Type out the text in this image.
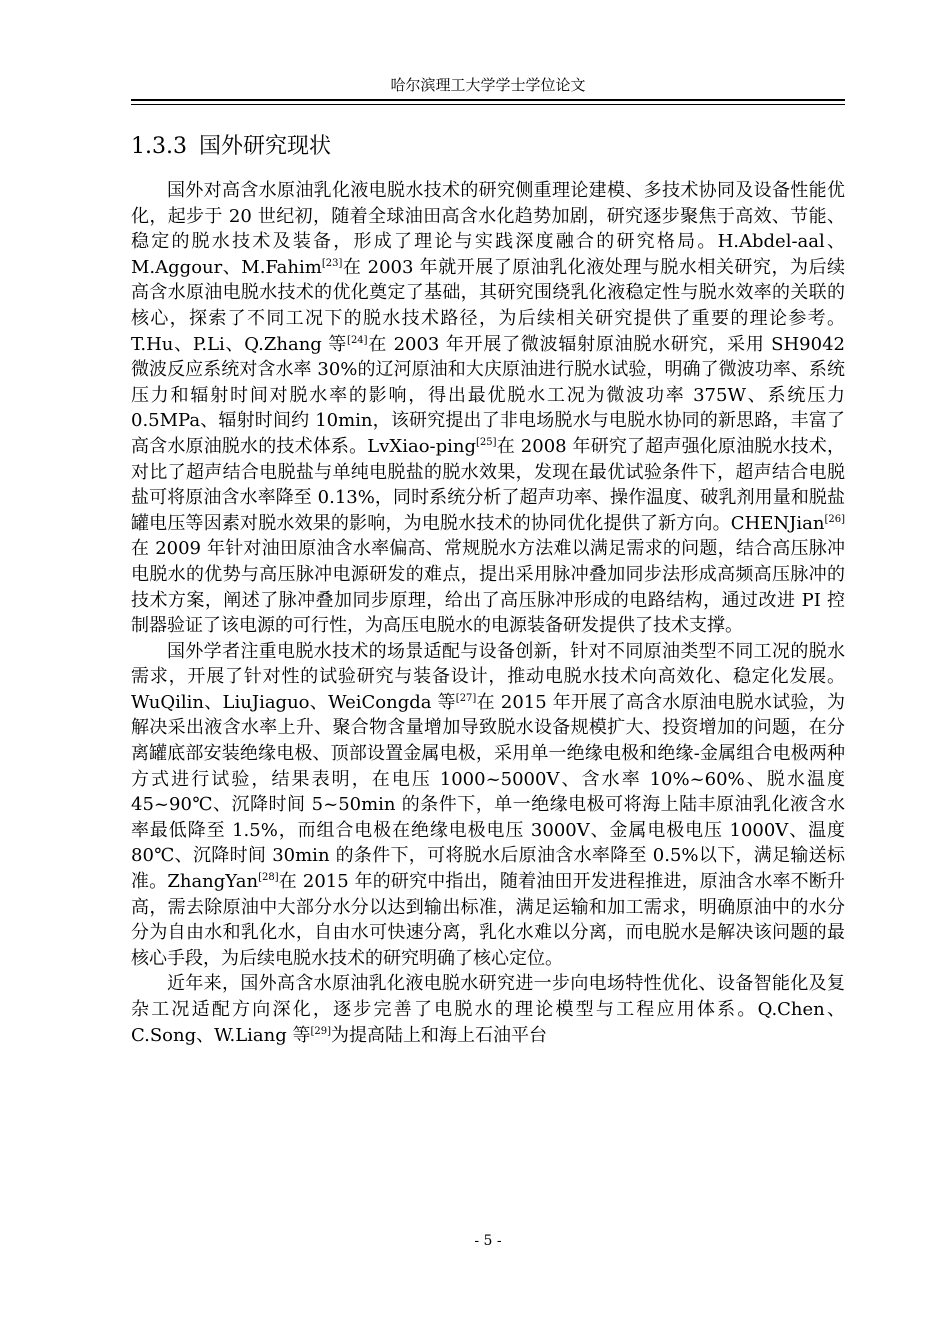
哈尔滨理工大学学士学位论文
1.3.3 国外研究现状

国外对高含水原油乳化液电脱水技术的研究侧重理论建模、多技术协同及设备性能优化，起步于 20 世纪初，随着全球油田高含水化趋势加剧，研究逐步聚焦于高效、节能、稳定的脱水技术及装备，形成了理论与实践深度融合的研究格局。H.Abdel-aal、M.Aggour、M.Fahim[23]在 2003 年就开展了原油乳化液处理与脱水相关研究，为后续高含水原油电脱水技术的优化奠定了基础，其研究围绕乳化液稳定性与脱水效率的关联的核心，探索了不同工况下的脱水技术路径，为后续相关研究提供了重要的理论参考。T.Hu、P.Li、Q.Zhang 等[24]在 2003 年开展了微波辐射原油脱水研究，采用 SH9042 微波反应系统对含水率 30%的辽河原油和大庆原油进行脱水试验，明确了微波功率、系统压力和辐射时间对脱水率的影响，得出最优脱水工况为微波功率 375W、系统压力 0.5MPa、辐射时间约 10min，该研究提出了非电场脱水与电脱水协同的新思路，丰富了高含水原油脱水的技术体系。LvXiao-ping[25]在 2008 年研究了超声强化原油脱水技术，对比了超声结合电脱盐与单纯电脱盐的脱水效果，发现在最优试验条件下，超声结合电脱盐可将原油含水率降至 0.13%，同时系统分析了超声功率、操作温度、破乳剂用量和脱盐罐电压等因素对脱水效果的影响，为电脱水技术的协同优化提供了新方向。CHENJian[26]在 2009 年针对油田原油含水率偏高、常规脱水方法难以满足需求的问题，结合高压脉冲电脱水的优势与高压脉冲电源研发的难点，提出采用脉冲叠加同步法形成高频高压脉冲的技术方案，阐述了脉冲叠加同步原理，给出了高压脉冲形成的电路结构，通过改进 PI 控制器验证了该电源的可行性，为高压电脱水的电源装备研发提供了技术支撑。

国外学者注重电脱水技术的场景适配与设备创新，针对不同原油类型不同工况的脱水需求，开展了针对性的试验研究与装备设计，推动电脱水技术向高效化、稳定化发展。WuQilin、LiuJiaguo、WeiCongda 等[27]在 2015 年开展了高含水原油电脱水试验，为解决采出液含水率上升、聚合物含量增加导致脱水设备规模扩大、投资增加的问题，在分离罐底部安装绝缘电极、顶部设置金属电极，采用单一绝缘电极和绝缘-金属组合电极两种方式进行试验，结果表明，在电压 1000~5000V、含水率 10%~60%、脱水温度 45~90℃、沉降时间 5~50min 的条件下，单一绝缘电极可将海上陆丰原油乳化液含水率最低降至 1.5%，而组合电极在绝缘电极电压 3000V、金属电极电压 1000V、温度 80℃、沉降时间 30min 的条件下，可将脱水后原油含水率降至 0.5%以下，满足输送标准。ZhangYan[28]在 2015 年的研究中指出，随着油田开发进程推进，原油含水率不断升高，需去除原油中大部分水分以达到输出标准，满足运输和加工需求，明确原油中的水分分为自由水和乳化水，自由水可快速分离，乳化水难以分离，而电脱水是解决该问题的最核心手段，为后续电脱水技术的研究明确了核心定位。

近年来，国外高含水原油乳化液电脱水研究进一步向电场特性优化、设备智能化及复杂工况适配方向深化，逐步完善了电脱水的理论模型与工程应用体系。Q.Chen、C.Song、W.Liang 等[29]为提高陆上和海上石油平台

- 5 -
